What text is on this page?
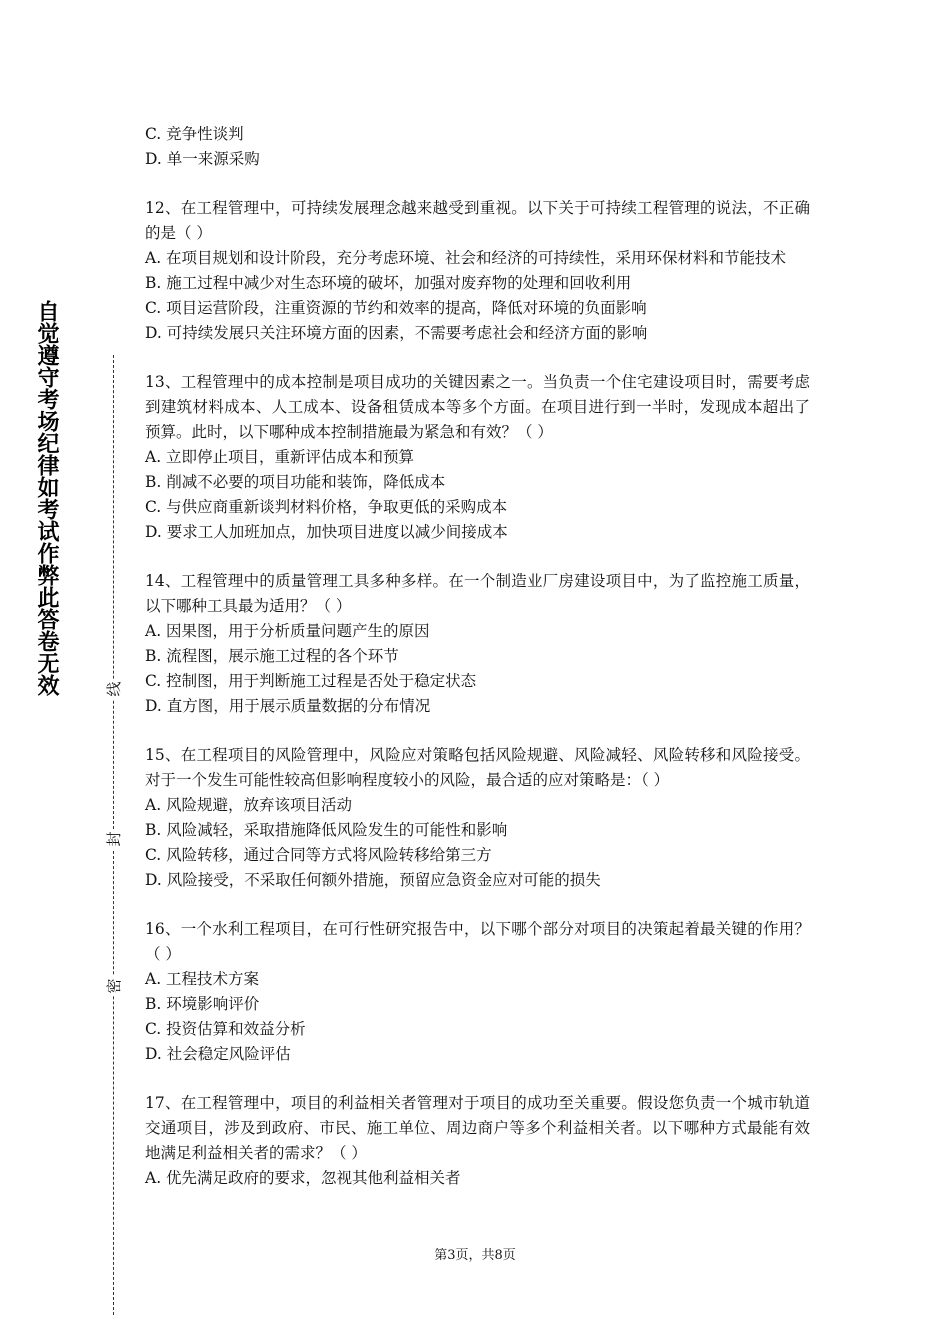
自觉遵守考场纪律如考试作弊此答卷无效	线
封
密
C. 竞争性谈判
D. 单一来源采购
12、在工程管理中，可持续发展理念越来越受到重视。以下关于可持续工程管理的说法，不正确的是（ ）
A. 在项目规划和设计阶段，充分考虑环境、社会和经济的可持续性，采用环保材料和节能技术
B. 施工过程中减少对生态环境的破坏，加强对废弃物的处理和回收利用
C. 项目运营阶段，注重资源的节约和效率的提高，降低对环境的负面影响
D. 可持续发展只关注环境方面的因素，不需要考虑社会和经济方面的影响
13、工程管理中的成本控制是项目成功的关键因素之一。当负责一个住宅建设项目时，需要考虑到建筑材料成本、人工成本、设备租赁成本等多个方面。在项目进行到一半时，发现成本超出了预算。此时，以下哪种成本控制措施最为紧急和有效？（ ）
A. 立即停止项目，重新评估成本和预算
B. 削减不必要的项目功能和装饰，降低成本
C. 与供应商重新谈判材料价格，争取更低的采购成本
D. 要求工人加班加点，加快项目进度以减少间接成本
14、工程管理中的质量管理工具多种多样。在一个制造业厂房建设项目中，为了监控施工质量，以下哪种工具最为适用？（ ）
A. 因果图，用于分析质量问题产生的原因
B. 流程图，展示施工过程的各个环节
C. 控制图，用于判断施工过程是否处于稳定状态
D. 直方图，用于展示质量数据的分布情况
15、在工程项目的风险管理中，风险应对策略包括风险规避、风险减轻、风险转移和风险接受。对于一个发生可能性较高但影响程度较小的风险，最合适的应对策略是：（ ）
A. 风险规避，放弃该项目活动
B. 风险减轻，采取措施降低风险发生的可能性和影响
C. 风险转移，通过合同等方式将风险转移给第三方
D. 风险接受，不采取任何额外措施，预留应急资金应对可能的损失
16、一个水利工程项目，在可行性研究报告中，以下哪个部分对项目的决策起着最关键的作用？（ ）
A. 工程技术方案
B. 环境影响评价
C. 投资估算和效益分析
D. 社会稳定风险评估
17、在工程管理中，项目的利益相关者管理对于项目的成功至关重要。假设您负责一个城市轨道交通项目，涉及到政府、市民、施工单位、周边商户等多个利益相关者。以下哪种方式最能有效地满足利益相关者的需求？（ ）
A. 优先满足政府的要求，忽视其他利益相关者
第3页，共8页
